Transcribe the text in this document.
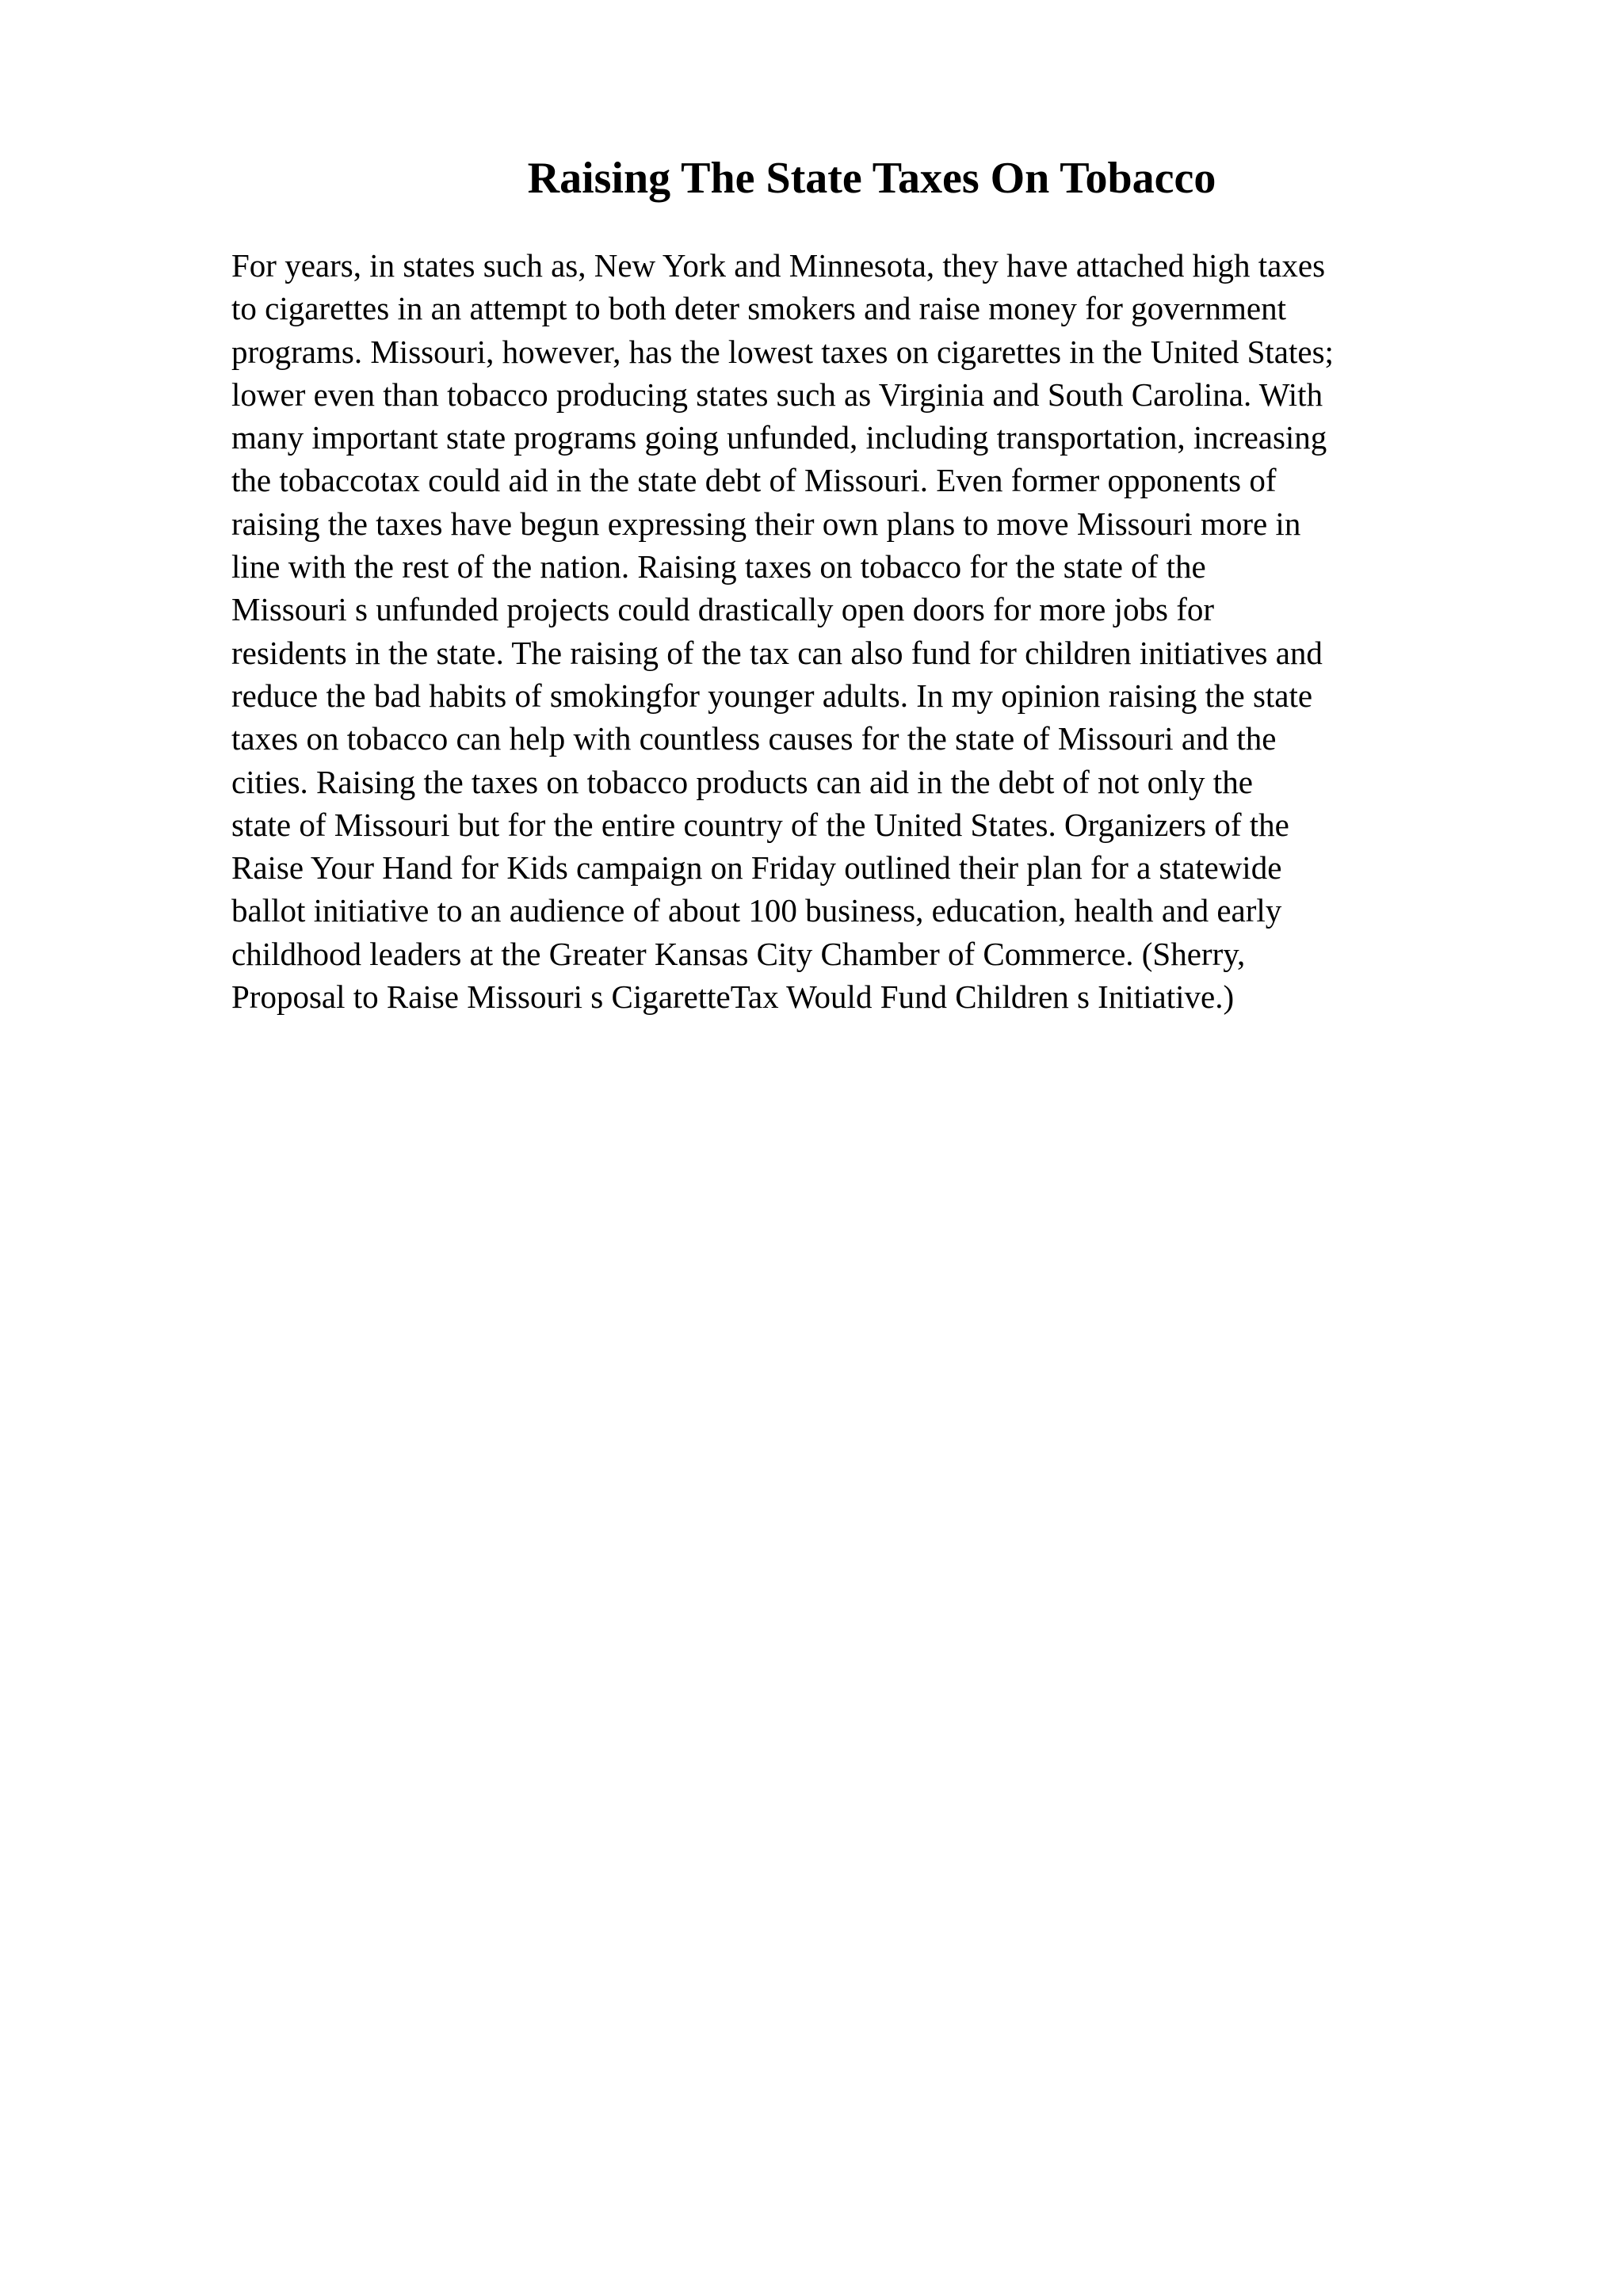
Raising The State Taxes On Tobacco
For years, in states such as, New York and Minnesota, they have attached high taxes
to cigarettes in an attempt to both deter smokers and raise money for government
programs. Missouri, however, has the lowest taxes on cigarettes in the United States;
lower even than tobacco producing states such as Virginia and South Carolina. With
many important state programs going unfunded, including transportation, increasing
the tobaccotax could aid in the state debt of Missouri. Even former opponents of
raising the taxes have begun expressing their own plans to move Missouri more in
line with the rest of the nation. Raising taxes on tobacco for the state of the
Missouri s unfunded projects could drastically open doors for more jobs for
residents in the state. The raising of the tax can also fund for children initiatives and
reduce the bad habits of smokingfor younger adults. In my opinion raising the state
taxes on tobacco can help with countless causes for the state of Missouri and the
cities. Raising the taxes on tobacco products can aid in the debt of not only the
state of Missouri but for the entire country of the United States. Organizers of the
Raise Your Hand for Kids campaign on Friday outlined their plan for a statewide
ballot initiative to an audience of about 100 business, education, health and early
childhood leaders at the Greater Kansas City Chamber of Commerce. (Sherry,
Proposal to Raise Missouri s CigaretteTax Would Fund Children s Initiative.)
